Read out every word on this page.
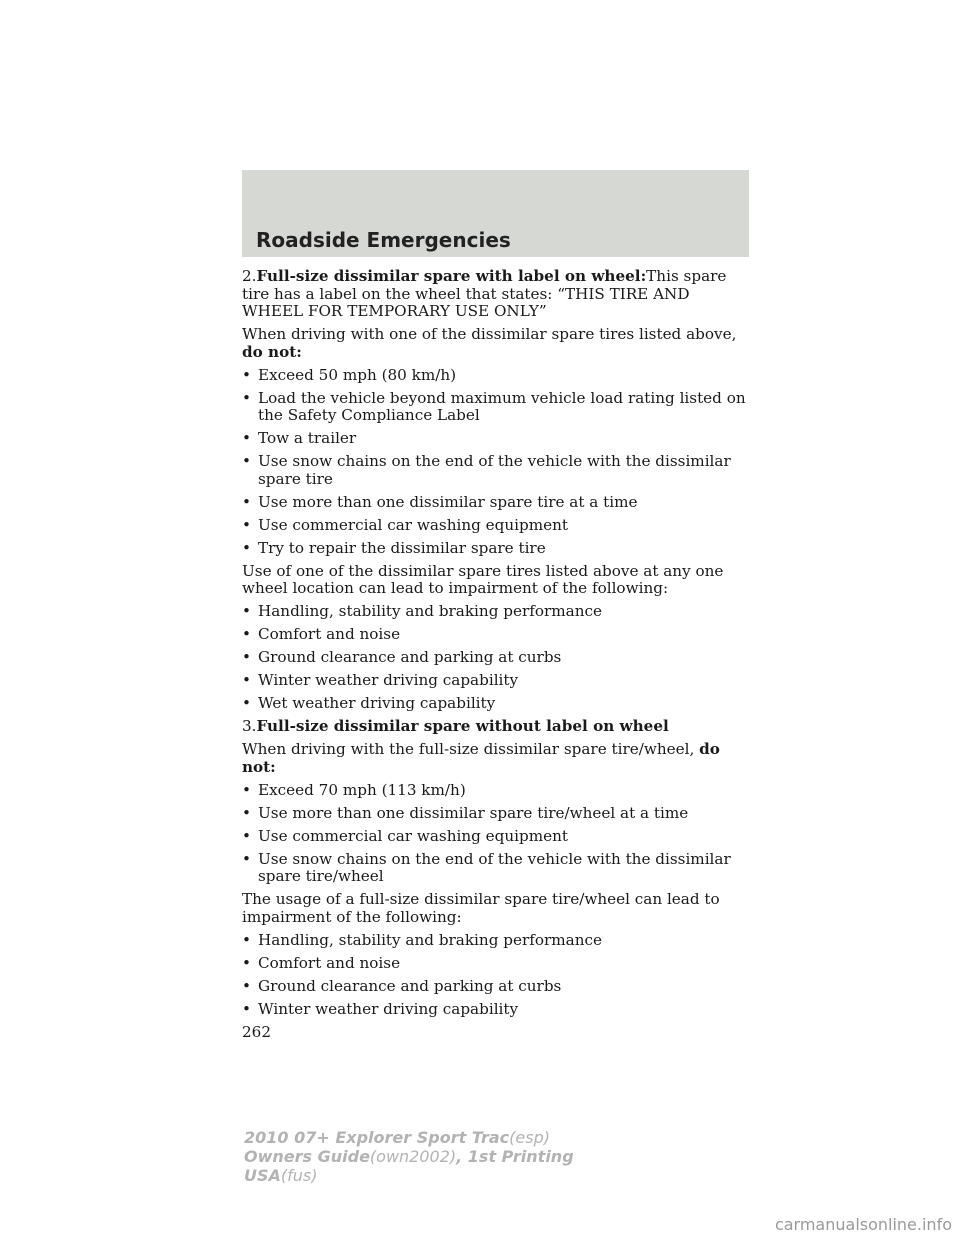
Roadside Emergencies

2.Full-size dissimilar spare with label on wheel:This spare tire has a label on the wheel that states: “THIS TIRE AND WHEEL FOR TEMPORARY USE ONLY”

When driving with one of the dissimilar spare tires listed above, do not:

• Exceed 50 mph (80 km/h)
• Load the vehicle beyond maximum vehicle load rating listed on the Safety Compliance Label
• Tow a trailer
• Use snow chains on the end of the vehicle with the dissimilar spare tire
• Use more than one dissimilar spare tire at a time
• Use commercial car washing equipment
• Try to repair the dissimilar spare tire

Use of one of the dissimilar spare tires listed above at any one wheel location can lead to impairment of the following:

• Handling, stability and braking performance
• Comfort and noise
• Ground clearance and parking at curbs
• Winter weather driving capability
• Wet weather driving capability

3.Full-size dissimilar spare without label on wheel

When driving with the full-size dissimilar spare tire/wheel, do not:

• Exceed 70 mph (113 km/h)
• Use more than one dissimilar spare tire/wheel at a time
• Use commercial car washing equipment
• Use snow chains on the end of the vehicle with the dissimilar spare tire/wheel

The usage of a full-size dissimilar spare tire/wheel can lead to impairment of the following:

• Handling, stability and braking performance
• Comfort and noise
• Ground clearance and parking at curbs
• Winter weather driving capability

262

2010 07+ Explorer Sport Trac(esp)
Owners Guide(own2002), 1st Printing
USA(fus)
carmanualsonline.info
